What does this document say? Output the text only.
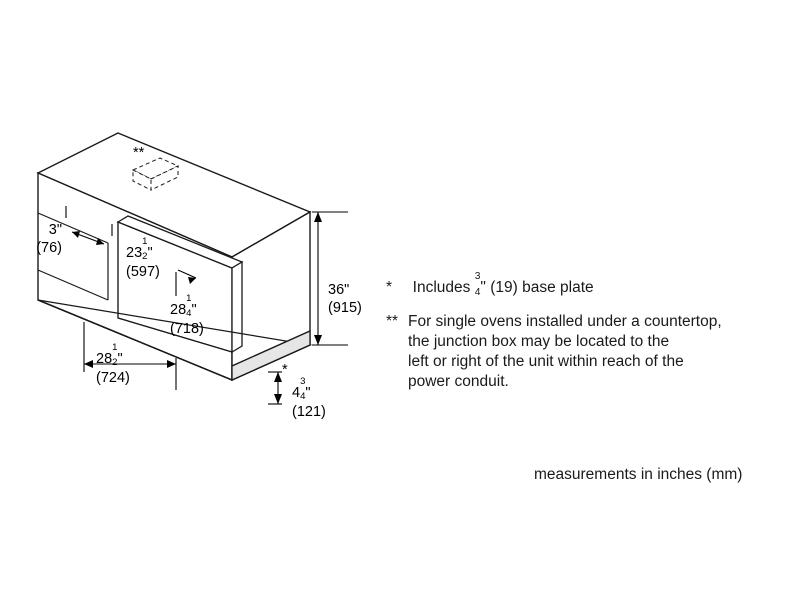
**
3"
(76)
36"
(915)
*
23
1
2 "
(597)
28
1
4 "
(718)
28
1
2 "
(724)
4
3
4 "
(121)
* Includes
3
4 " (19) base plate
** For single ovens installed under a countertop,
the junction box may be located to the
left or right of the unit within reach of the
power conduit.
measurements in inches (mm)
